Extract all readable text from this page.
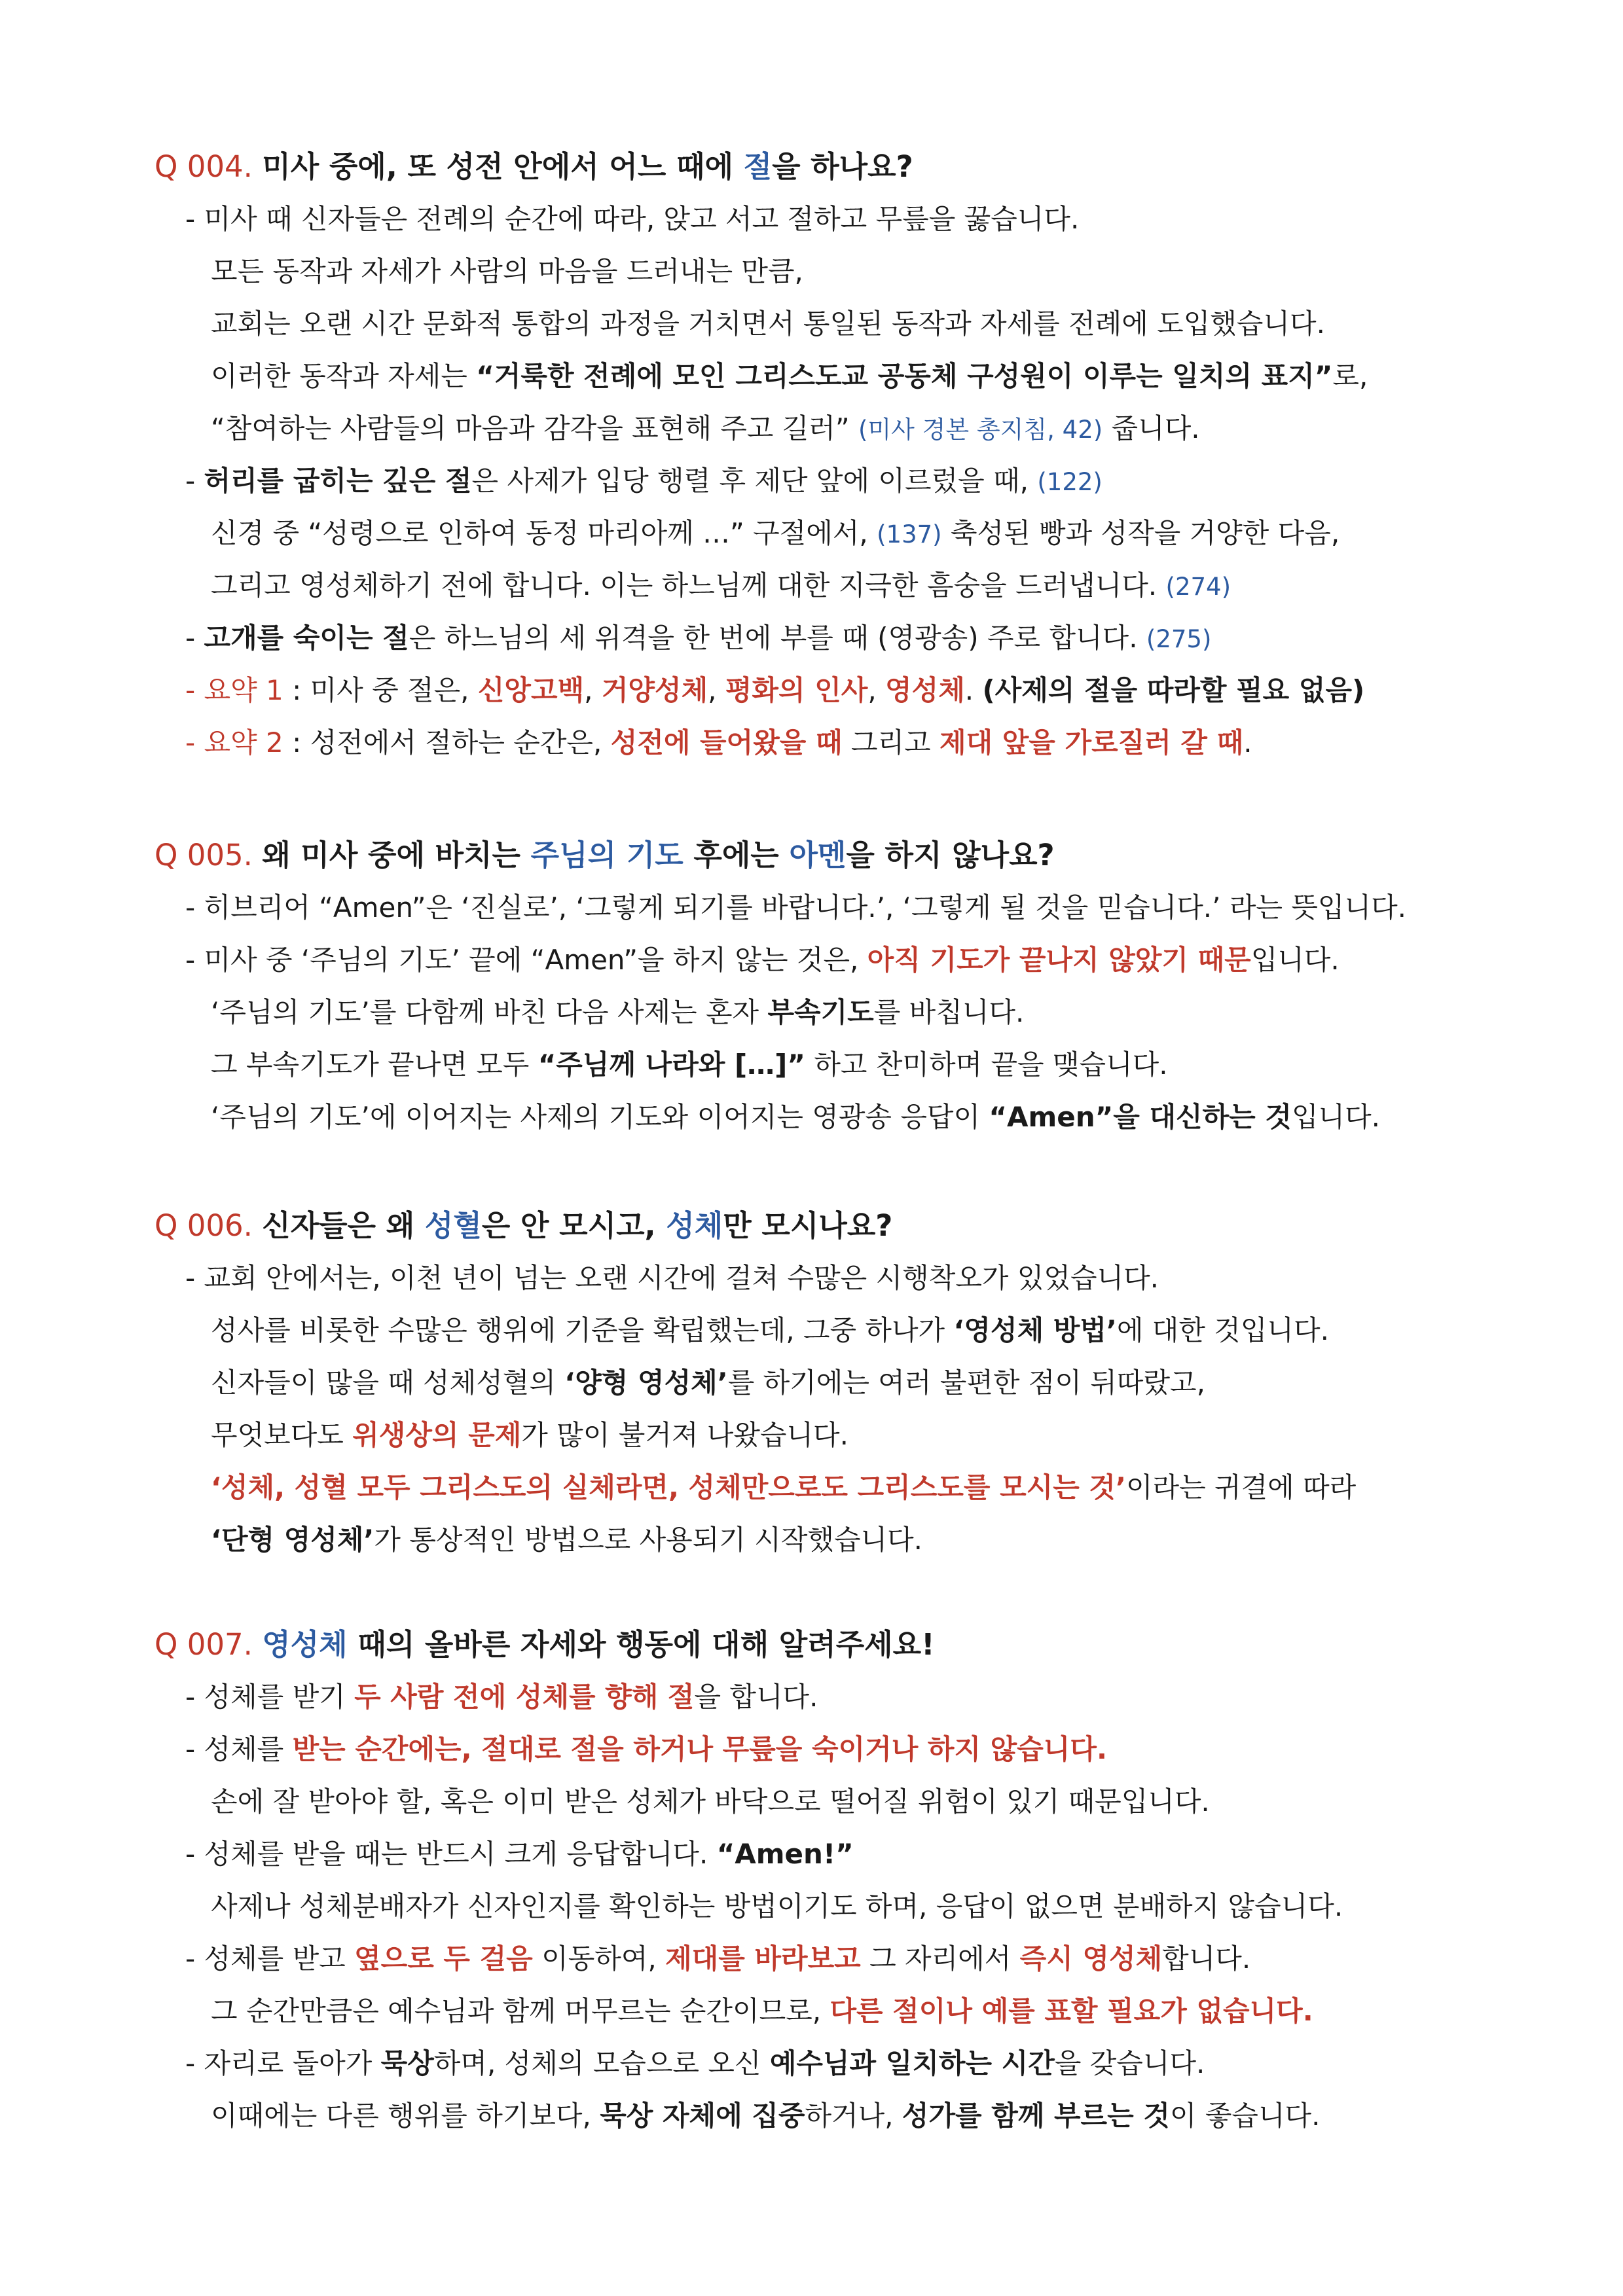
Q 004. 미사 중에, 또 성전 안에서 어느 때에 절을 하나요?

- 미사 때 신자들은 전례의 순간에 따라, 앉고 서고 절하고 무릎을 꿇습니다.

모든 동작과 자세가 사람의 마음을 드러내는 만큼,

교회는 오랜 시간 문화적 통합의 과정을 거치면서 통일된 동작과 자세를 전례에 도입했습니다.

이러한 동작과 자세는 “거룩한 전례에 모인 그리스도교 공동체 구성원이 이루는 일치의 표지”로,

“참여하는 사람들의 마음과 감각을 표현해 주고 길러” (미사 경본 총지침, 42) 줍니다.

- 허리를 굽히는 깊은 절은 사제가 입당 행렬 후 제단 앞에 이르렀을 때, (122)

신경 중 “성령으로 인하여 동정 마리아께 …” 구절에서, (137) 축성된 빵과 성작을 거양한 다음,

그리고 영성체하기 전에 합니다. 이는 하느님께 대한 지극한 흠숭을 드러냅니다. (274)

- 고개를 숙이는 절은 하느님의 세 위격을 한 번에 부를 때 (영광송) 주로 합니다. (275)

- 요약 1 : 미사 중 절은, 신앙고백, 거양성체, 평화의 인사, 영성체. (사제의 절을 따라할 필요 없음)

- 요약 2 : 성전에서 절하는 순간은, 성전에 들어왔을 때 그리고 제대 앞을 가로질러 갈 때.

Q 005. 왜 미사 중에 바치는 주님의 기도 후에는 아멘을 하지 않나요?

- 히브리어 “Amen”은 ‘진실로’, ‘그렇게 되기를 바랍니다.’, ‘그렇게 될 것을 믿습니다.’ 라는 뜻입니다.

- 미사 중 ‘주님의 기도’ 끝에 “Amen”을 하지 않는 것은, 아직 기도가 끝나지 않았기 때문입니다.

‘주님의 기도’를 다함께 바친 다음 사제는 혼자 부속기도를 바칩니다.

그 부속기도가 끝나면 모두 “주님께 나라와 […]” 하고 찬미하며 끝을 맺습니다.

‘주님의 기도’에 이어지는 사제의 기도와 이어지는 영광송 응답이 “Amen”을 대신하는 것입니다.

Q 006. 신자들은 왜 성혈은 안 모시고, 성체만 모시나요?

- 교회 안에서는, 이천 년이 넘는 오랜 시간에 걸쳐 수많은 시행착오가 있었습니다.

성사를 비롯한 수많은 행위에 기준을 확립했는데, 그중 하나가 ‘영성체 방법’에 대한 것입니다.

신자들이 많을 때 성체성혈의 ‘양형 영성체’를 하기에는 여러 불편한 점이 뒤따랐고,

무엇보다도 위생상의 문제가 많이 불거져 나왔습니다.

‘성체, 성혈 모두 그리스도의 실체라면, 성체만으로도 그리스도를 모시는 것’이라는 귀결에 따라

‘단형 영성체’가 통상적인 방법으로 사용되기 시작했습니다.

Q 007. 영성체 때의 올바른 자세와 행동에 대해 알려주세요!

- 성체를 받기 두 사람 전에 성체를 향해 절을 합니다.

- 성체를 받는 순간에는, 절대로 절을 하거나 무릎을 숙이거나 하지 않습니다.

손에 잘 받아야 할, 혹은 이미 받은 성체가 바닥으로 떨어질 위험이 있기 때문입니다.

- 성체를 받을 때는 반드시 크게 응답합니다. “Amen!”

사제나 성체분배자가 신자인지를 확인하는 방법이기도 하며, 응답이 없으면 분배하지 않습니다.

- 성체를 받고 옆으로 두 걸음 이동하여, 제대를 바라보고 그 자리에서 즉시 영성체합니다.

그 순간만큼은 예수님과 함께 머무르는 순간이므로, 다른 절이나 예를 표할 필요가 없습니다.

- 자리로 돌아가 묵상하며, 성체의 모습으로 오신 예수님과 일치하는 시간을 갖습니다.

이때에는 다른 행위를 하기보다, 묵상 자체에 집중하거나, 성가를 함께 부르는 것이 좋습니다.
